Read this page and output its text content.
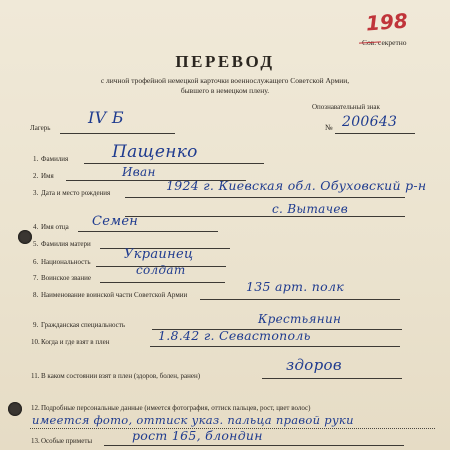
198
Сов. секретно
ПЕРЕВОД
с личной трофейной немецкой карточки военнослужащего Советской Армии,
бывшего в немецком плену.
Лагерь
IV Б
Опознавательный знак
№ 200643
1. Фамилия	Пащенко
2. Имя	Иван
3. Дата и место рождения	1924 г. Киевская обл. Обуховский р-н
с. Вытачев
4. Имя отца Семен
5. Фамилия матери
6. Национальность	Украинец
7. Воинское звание
солдат
8. Наименование воинской части Советской Армии
135 арт. полк
9. Гражданская специальность	Крестьянин
10. Когда и где взят в плен	1.8.42 г. Севастополь
11. В каком состоянии взят в плен (здоров, болен, ранен)
здоров
12. Подробные персональные данные (имеется фотография, оттиск пальцев, рост, цвет волос)
имеется фото, оттиск указ. пальца правой руки
13. Особые приметы	рост 165, блондин
